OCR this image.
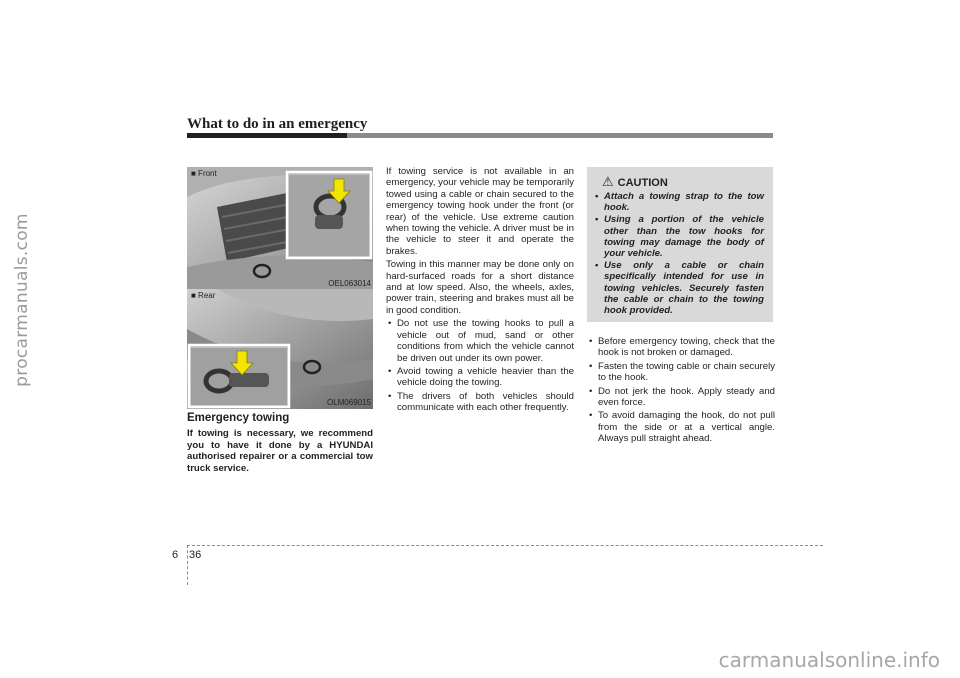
procarmanuals.com
What to do in an emergency
■ Front
OEL063014
■ Rear
OLM069015
Emergency towing

If towing is necessary, we recommend you to have it done by a HYUNDAI authorised repairer or a commercial tow truck service.

If towing service is not available in an emergency, your vehicle may be temporarily towed using a cable or chain secured to the emergency towing hook under the front (or rear) of the vehicle. Use extreme caution when towing the vehicle. A driver must be in the vehicle to steer it and operate the brakes.

Towing in this manner may be done only on hard-surfaced roads for a short distance and at low speed. Also, the wheels, axles, power train, steering and brakes must all be in good condition.

• Do not use the towing hooks to pull a vehicle out of mud, sand or other conditions from which the vehicle cannot be driven out under its own power.
• Avoid towing a vehicle heavier than the vehicle doing the towing.
• The drivers of both vehicles should communicate with each other frequently.
⚠ CAUTION
• Attach a towing strap to the tow hook.
• Using a portion of the vehicle other than the tow hooks for towing may damage the body of your vehicle.
• Use only a cable or chain specifically intended for use in towing vehicles. Securely fasten the cable or chain to the towing hook provided.
• Before emergency towing, check that the hook is not broken or damaged.
• Fasten the towing cable or chain securely to the hook.
• Do not jerk the hook. Apply steady and even force.
• To avoid damaging the hook, do not pull from the side or at a vertical angle. Always pull straight ahead.
6 36
carmanualsonline.info
